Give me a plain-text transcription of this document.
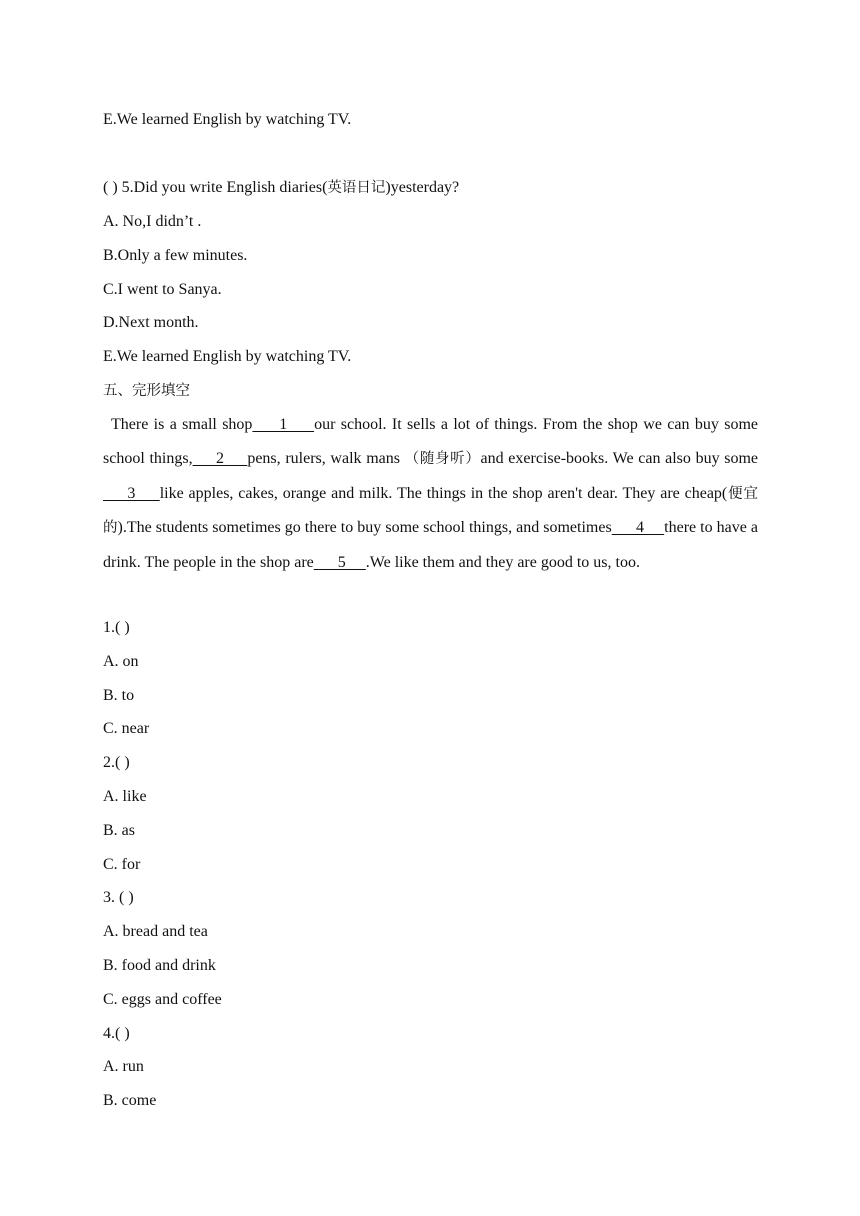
E.We learned English by watching TV.
( ) 5.Did you write English diaries(英语日记)yesterday?
A. No,I didn’t .
B.Only a few minutes.
C.I went to Sanya.
D.Next month.
E.We learned English by watching TV.
五、完形填空
There is a small shop     1     our school. It sells a lot of things. From the shop we can buy some school things,     2     pens, rulers, walk mans （随身听）and exercise-books. We can also buy some     3     like apples, cakes, orange and milk. The things in the shop aren't dear. They are cheap(便宜的).The students sometimes go there to buy some school things, and sometimes      4     there to have a drink. The people in the shop are      5     .We like them and they are good to us, too.
1.( )
A. on
B. to
C. near
2.( )
A. like
B. as
C. for
3. ( )
A. bread and tea
B. food and drink
C. eggs and coffee
4.( )
A. run
B. come
